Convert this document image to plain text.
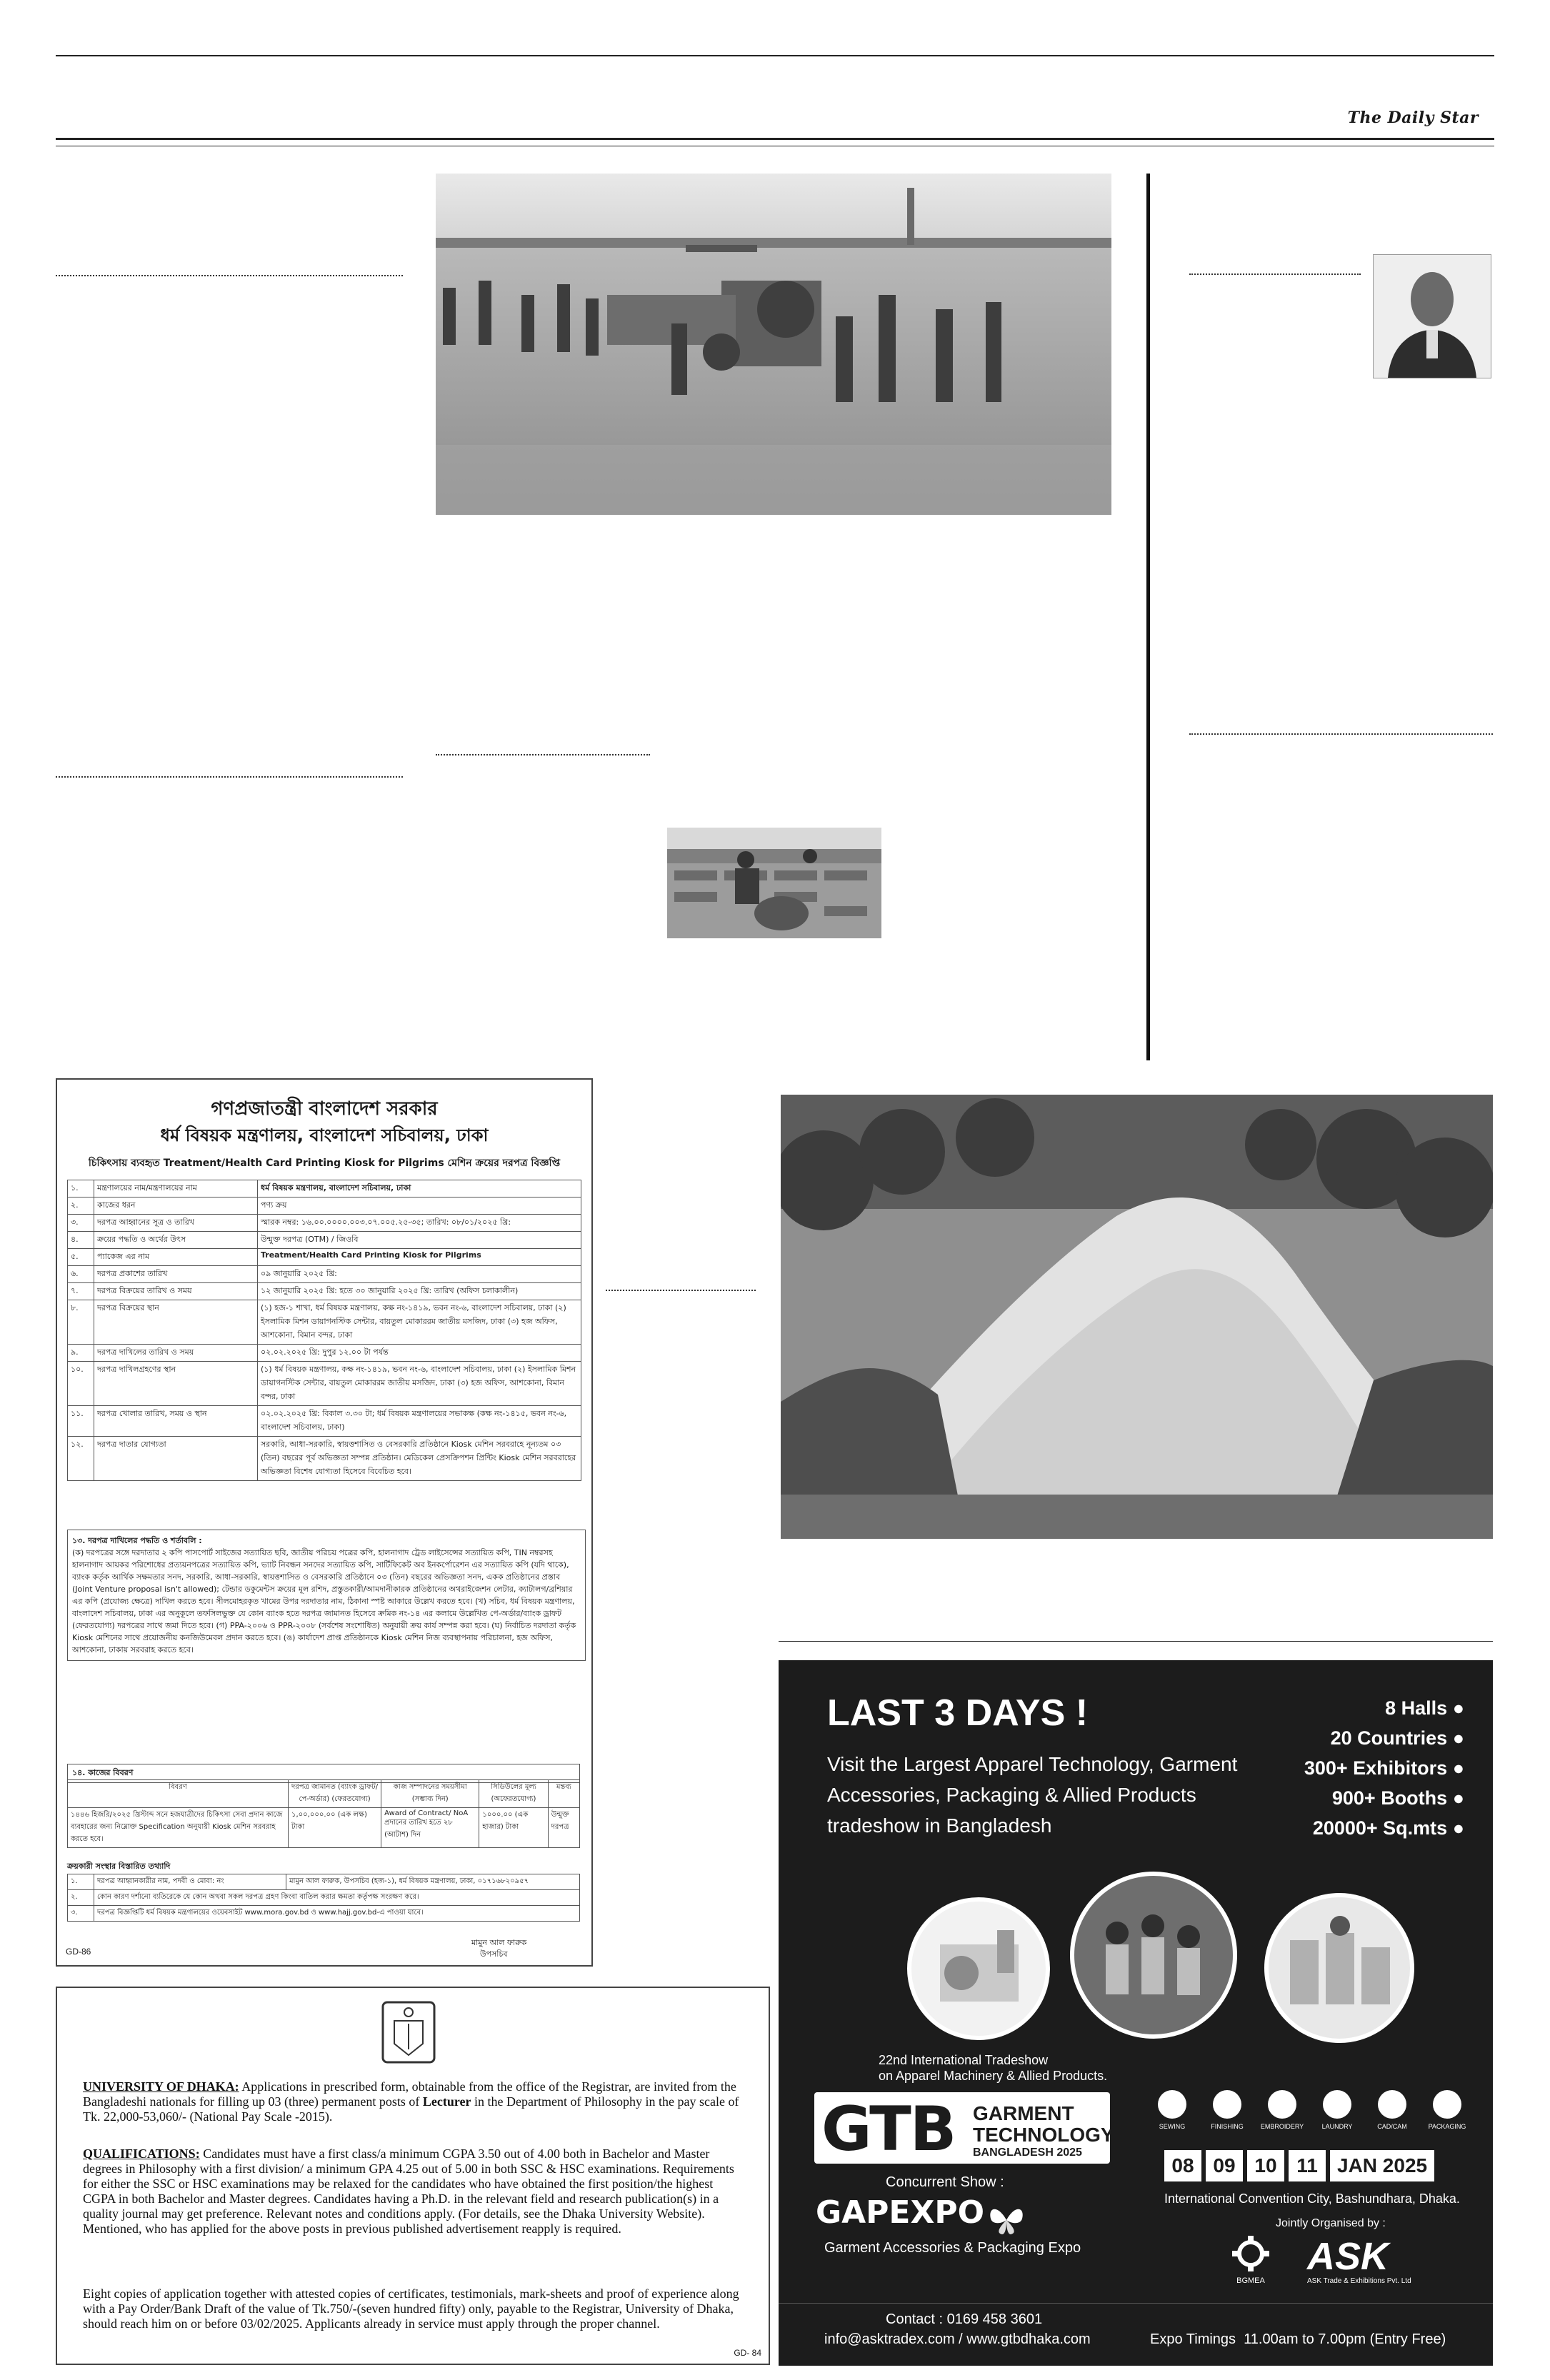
The Daily Star
গণপ্রজাতন্ত্রী বাংলাদেশ সরকার
ধর্ম বিষয়ক মন্ত্রণালয়, বাংলাদেশ সচিবালয়, ঢাকা
চিকিৎসায় ব্যবহৃত Treatment/Health Card Printing Kiosk for Pilgrims মেশিন ক্রয়ের দরপত্র বিজ্ঞপ্তি
১.	মন্ত্রণালয়ের নাম/মন্ত্রণালয়ের নাম	ধর্ম বিষয়ক মন্ত্রণালয়, বাংলাদেশ সচিবালয়, ঢাকা
২.	কাজের ধরন	পণ্য ক্রয়
৩.	দরপত্র আহ্বানের সূত্র ও তারিখ	স্মারক নম্বর: ১৬.০০.০০০০.০০৩.০৭.০০৫.২৫-৩৫; তারিখ: ০৮/০১/২০২৫ খ্রি:
৪.	ক্রয়ের পদ্ধতি ও অর্থের উৎস	উন্মুক্ত দরপত্র (OTM) / জিওবি
৫.	প্যাকেজ এর নাম	Treatment/Health Card Printing Kiosk for Pilgrims
৬.	দরপত্র প্রকাশের তারিখ	০৯ জানুয়ারি ২০২৫ খ্রি:
৭.	দরপত্র বিক্রয়ের তারিখ ও সময়	১২ জানুয়ারি ২০২৫ খ্রি: হতে ৩০ জানুয়ারি ২০২৫ খ্রি: তারিখ (অফিস চলাকালীন)
৮.	দরপত্র বিক্রয়ের স্থান	(১) হজ-১ শাখা, ধর্ম বিষয়ক মন্ত্রণালয়, কক্ষ নং-১৪১৯, ভবন নং-৬, বাংলাদেশ সচিবালয়, ঢাকা (২) ইসলামিক মিশন ডায়াগনস্টিক সেন্টার, বায়তুল মোকাররম জাতীয় মসজিদ, ঢাকা (৩) হজ অফিস, আশকোনা, বিমান বন্দর, ঢাকা
৯.	দরপত্র দাখিলের তারিখ ও সময়	০২.০২.২০২৫ খ্রি: দুপুর ১২.০০ টা পর্যন্ত
১০.	দরপত্র দাখিলগ্রহণের স্থান	(১) ধর্ম বিষয়ক মন্ত্রণালয়, কক্ষ নং-১৪১৯, ভবন নং-৬, বাংলাদেশ সচিবালয়, ঢাকা (২) ইসলামিক মিশন ডায়াগনস্টিক সেন্টার, বায়তুল মোকাররম জাতীয় মসজিদ, ঢাকা (৩) হজ অফিস, আশকোনা, বিমান বন্দর, ঢাকা
১১.	দরপত্র খোলার তারিখ, সময় ও স্থান	০২.০২.২০২৫ খ্রি: বিকাল ৩.৩০ টা; ধর্ম বিষয়ক মন্ত্রণালয়ের সভাকক্ষ (কক্ষ নং-১৪১৫, ভবন নং-৬, বাংলাদেশ সচিবালয়, ঢাকা)
১২.	দরপত্র দাতার যোগ্যতা	সরকারি, আধা-সরকারি, স্বায়ত্তশাসিত ও বেসরকারি প্রতিষ্ঠানে Kiosk মেশিন সরবরাহে নূন্যতম ০৩ (তিন) বছরের পূর্ব অভিজ্ঞতা সম্পন্ন প্রতিষ্ঠান। মেডিকেল প্রেসক্রিপশন প্রিন্টিং Kiosk মেশিন সরবরাহের অভিজ্ঞতা বিশেষ যোগ্যতা হিসেবে বিবেচিত হবে।
১৩. দরপত্র দাখিলের পদ্ধতি ও শর্তাবলি :
(ক) দরপত্রের সঙ্গে দরদাতার ২ কপি পাসপোর্ট সাইজের সত্যায়িত ছবি, জাতীয় পরিচয় পত্রের কপি, হালনাগাদ ট্রেড লাইসেন্সের সত্যায়িত কপি, TIN নম্বরসহ হালনাগাদ আয়কর পরিশোধের প্রত্যয়নপত্রের সত্যায়িত কপি, ভ্যাট নিবন্ধন সনদের সত্যায়িত কপি, সার্টিফিকেট অব ইনকর্পোরেশন এর সত্যায়িত কপি (যদি থাকে), ব্যাংক কর্তৃক আর্থিক সক্ষমতার সনদ, সরকারি, আধা-সরকারি, স্বায়ত্তশাসিত ও বেসরকারি প্রতিষ্ঠানে ০৩ (তিন) বছরের অভিজ্ঞতা সনদ, একক প্রতিষ্ঠানের প্রস্তাব (Joint Venture proposal isn't allowed); টেন্ডার ডকুমেন্টস ক্রয়ের মূল রশিদ, প্রস্তুতকারী/আমদানীকারক প্রতিষ্ঠানের অথরাইজেশন লেটার, ক্যাটালগ/ব্রশিয়ার এর কপি (প্রযোজ্য ক্ষেত্রে) দাখিল করতে হবে। সীলমোহরকৃত খামের উপর দরদাতার নাম, ঠিকানা স্পষ্ট আকারে উল্লেখ করতে হবে। (খ) সচিব, ধর্ম বিষয়ক মন্ত্রণালয়, বাংলাদেশ সচিবালয়, ঢাকা এর অনুকূলে তফসিলভুক্ত যে কোন ব্যাংক হতে দরপত্র জামানত হিসেবে ক্রমিক নং-১৪ এর কলামে উল্লেখিত পে-অর্ডার/ব্যাংক ড্রাফট (ফেরতযোগ্য) দরপত্রের সাথে জমা দিতে হবে। (গ) PPA-২০০৬ ও PPR-২০০৮ (সর্বশেষ সংশোধিত) অনুযায়ী ক্রয় কার্য সম্পন্ন করা হবে। (ঘ) নির্বাচিত দরদাতা কর্তৃক Kiosk মেশিনের সাথে প্রয়োজনীয় কনজিউমেবল প্রদান করতে হবে। (ঙ) কার্যাদেশ প্রাপ্ত প্রতিষ্ঠানকে Kiosk মেশিন নিজ ব্যবস্থাপনায় পরিচালনা, হজ অফিস, আশকোনা, ঢাকায় সরবরাহ করতে হবে।
১৪. কাজের বিবরণ
বিবরণ	দরপত্র জামানত (ব্যাংক ড্রাফট/ পে-অর্ডার) (ফেরতযোগ্য)	কাজ সম্পাদনের সময়সীমা (সম্ভাব্য দিন)	সিডিউলের মূল্য (অফেরতযোগ্য)	মন্তব্য
১৪৪৬ হিজরি/২০২৫ খ্রিস্টাব্দ সনে হজযাত্রীদের চিকিৎসা সেবা প্রদান কাজে ব্যবহারের জন্য নিম্নোক্ত Specification অনুযায়ী Kiosk মেশিন সরবরাহ করতে হবে।	১,০০,০০০.০০ (এক লক্ষ) টাকা	Award of Contract/ NoA প্রদানের তারিখ হতে ২৮ (আটাশ) দিন	১০০০.০০ (এক হাজার) টাকা	উন্মুক্ত দরপত্র
ক্রয়কারী সংস্থার বিস্তারিত তথ্যাদি
১.	দরপত্র আহ্বানকারীর নাম, পদবী ও মোবা: নং	মামুন আল ফারুক, উপসচিব (হজ-১), ধর্ম বিষয়ক মন্ত্রণালয়, ঢাকা, ০১৭১৬৮২০৯৫৭
২.	কোন কারণ দর্শানো ব্যতিরেকে যে কোন অথবা সকল দরপত্র গ্রহণ কিংবা বাতিল করার ক্ষমতা কর্তৃপক্ষ সংরক্ষণ করে।	
৩.	দরপত্র বিজ্ঞপ্তিটি ধর্ম বিষয়ক মন্ত্রণালয়ের ওয়েবসাইট www.mora.gov.bd ও www.hajj.gov.bd-এ পাওয়া যাবে।	
GD-86
মামুন আল ফারুক
উপসচিব
UNIVERSITY OF DHAKA: Applications in prescribed form, obtainable from the office of the Registrar, are invited from the Bangladeshi nationals for filling up 03 (three) permanent posts of Lecturer in the Department of Philosophy in the pay scale of Tk. 22,000-53,060/- (National Pay Scale -2015).
QUALIFICATIONS: Candidates must have a first class/a minimum CGPA 3.50 out of 4.00 both in Bachelor and Master degrees in Philosophy with a first division/ a minimum GPA 4.25 out of 5.00 in both SSC & HSC examinations. Requirements for either the SSC or HSC examinations may be relaxed for the candidates who have obtained the first position/the highest CGPA in both Bachelor and Master degrees. Candidates having a Ph.D. in the relevant field and research publication(s) in a quality journal may get preference. Relevant notes and conditions apply. (For details, see the Dhaka University Website). Mentioned, who has applied for the above posts in previous published advertisement reapply is required.
Eight copies of application together with attested copies of certificates, testimonials, mark-sheets and proof of experience along with a Pay Order/Bank Draft of the value of Tk.750/-(seven hundred fifty) only, payable to the Registrar, University of Dhaka, should reach him on or before 03/02/2025. Applicants already in service must apply through the proper channel.
GD- 84
LAST 3 DAYS !
Visit the Largest Apparel Technology, Garment Accessories, Packaging & Allied Products tradeshow in Bangladesh
8 Halls ●
20 Countries ●
300+ Exhibitors ●
900+ Booths ●
20000+ Sq.mts ●
22nd International Tradeshow
on Apparel Machinery & Allied Products.
GTB GARMENT
TECHNOLOGY
BANGLADESH 2025
Concurrent Show :
GAPEXPO
Garment Accessories & Packaging Expo
SEWING	FINISHING	EMBROIDERY	LAUNDRY	CAD/CAM	PACKAGING
08 09 10 11 JAN 2025
International Convention City, Bashundhara, Dhaka.
Jointly Organised by :
BGMEA
ASK
ASK Trade & Exhibitions Pvt. Ltd
Contact : 0169 458 3601
info@asktradex.com / www.gtbdhaka.com	Expo Timings  11.00am to 7.00pm (Entry Free)
